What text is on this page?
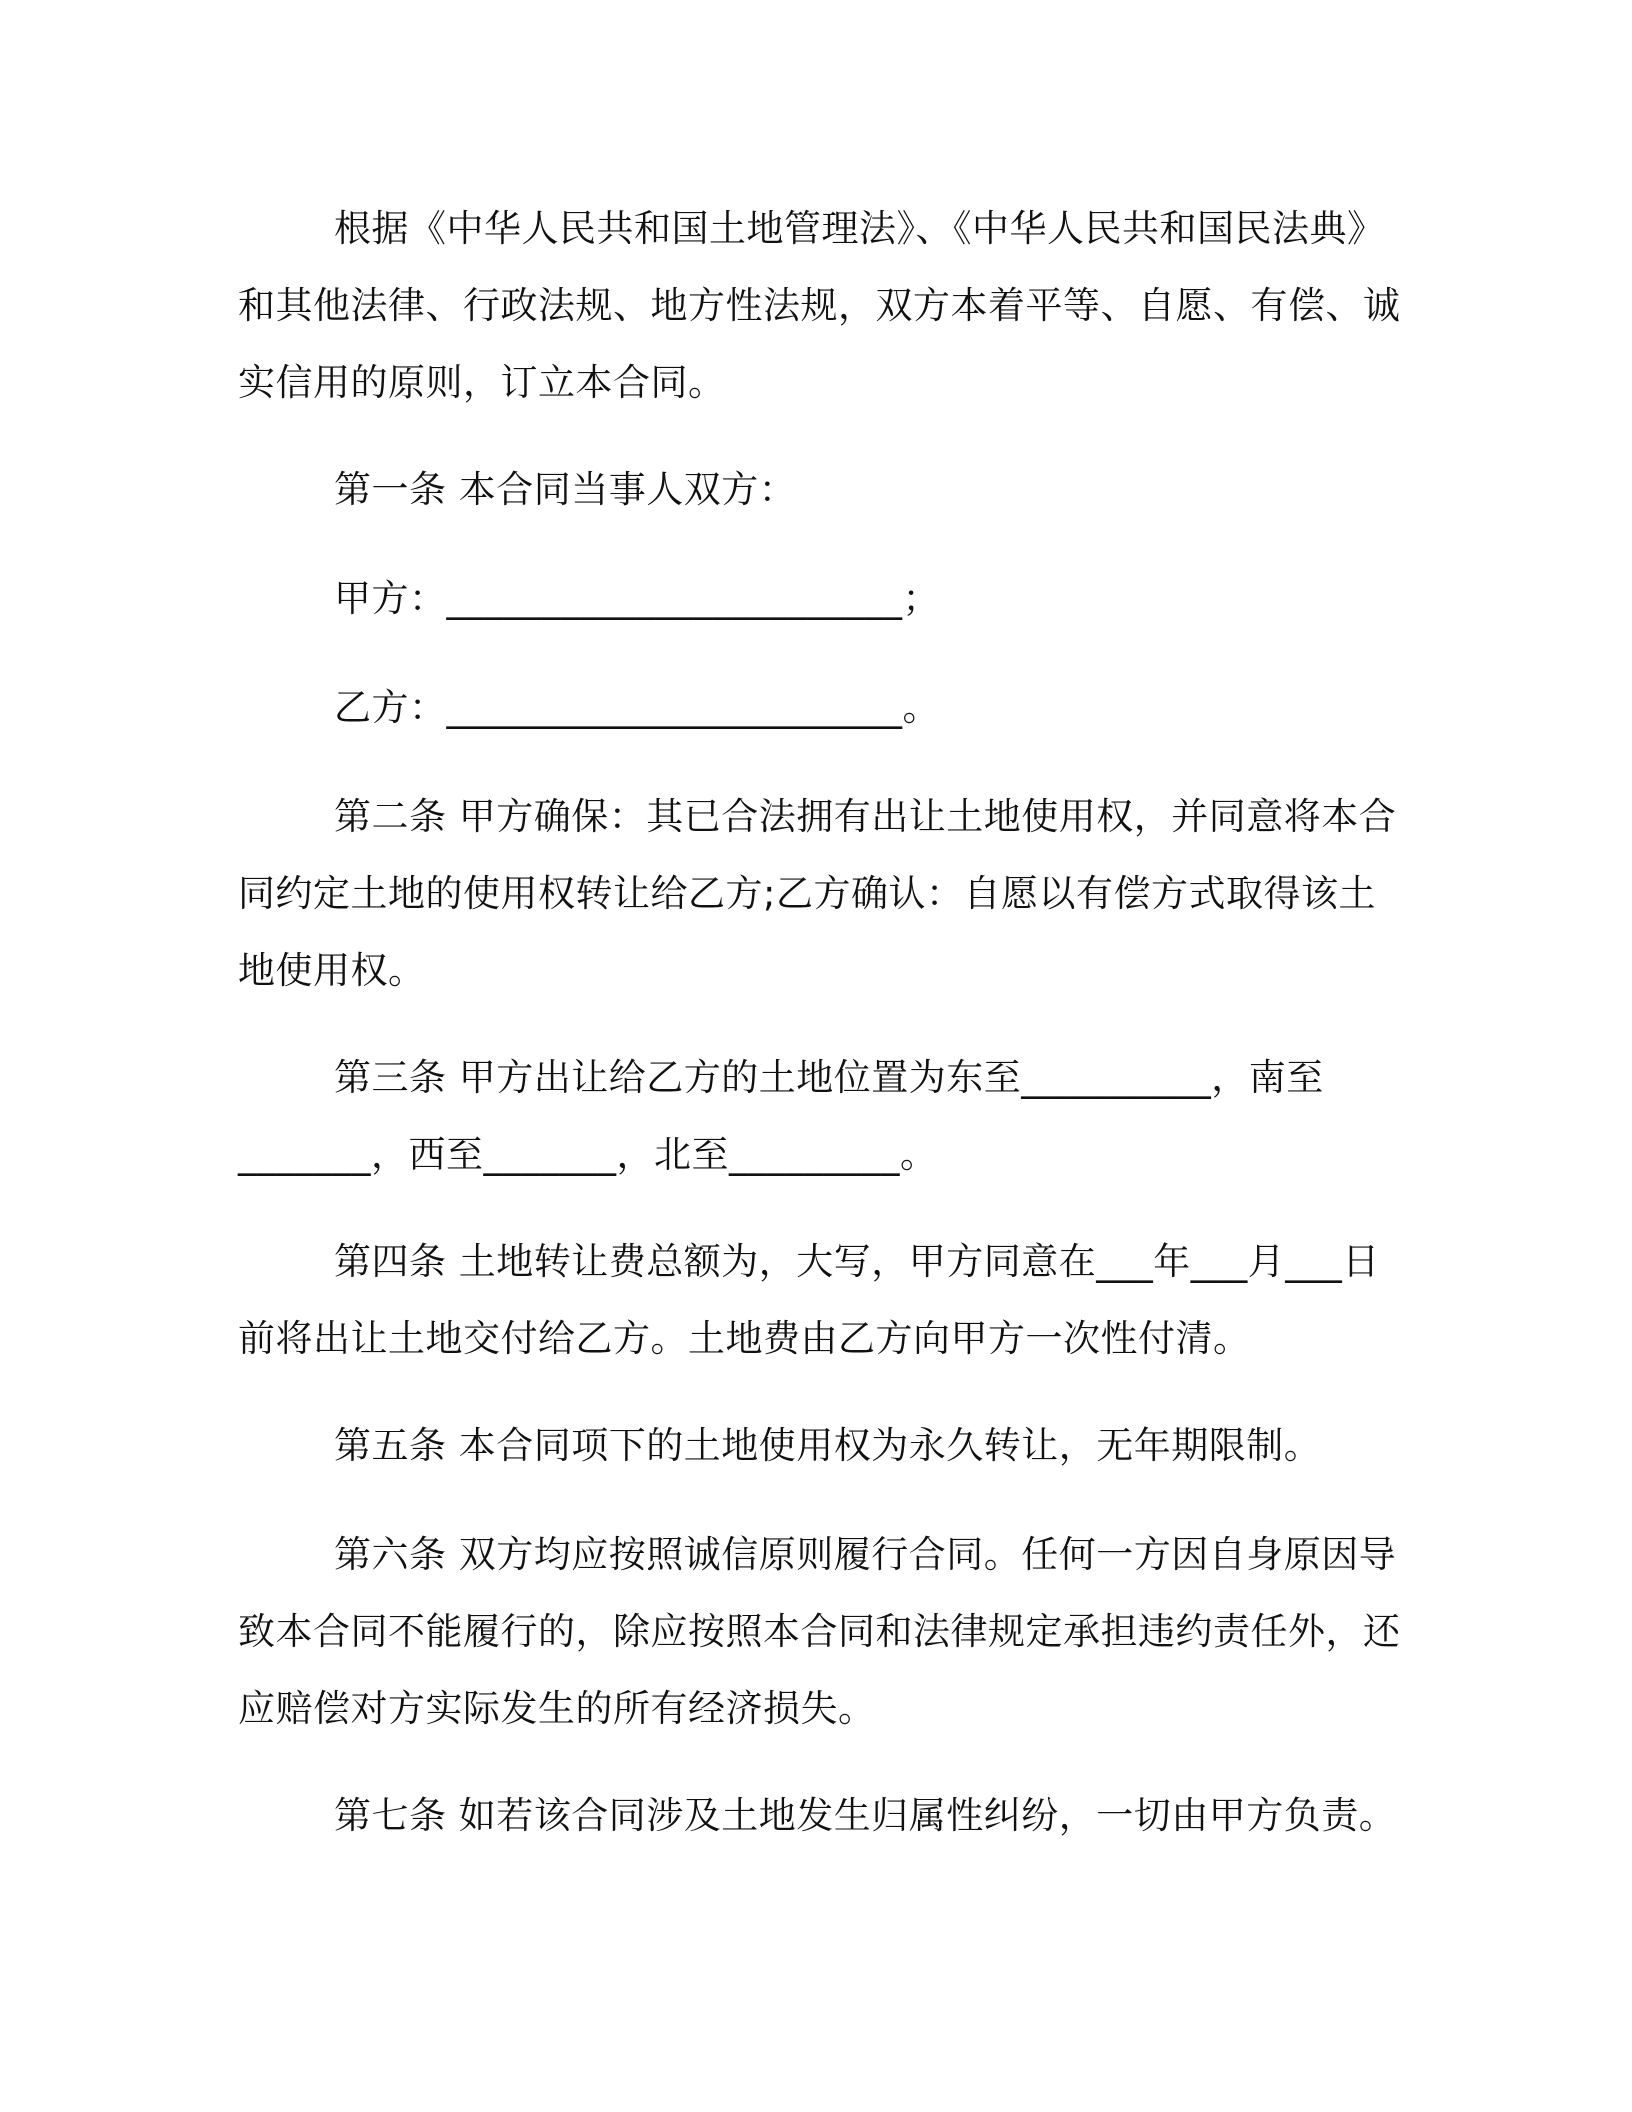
根据《中华人民共和国土地管理法》、《中华人民共和国民法典》和其他法律、行政法规、地方性法规，双方本着平等、自愿、有偿、诚实信用的原则，订立本合同。

第一条 本合同当事人双方：

甲方：________________________；

乙方：________________________。

第二条 甲方确保：其已合法拥有出让土地使用权，并同意将本合同约定土地的使用权转让给乙方;乙方确认：自愿以有偿方式取得该土地使用权。

第三条 甲方出让给乙方的土地位置为东至__________，南至_______，西至_______，北至_________。

第四条 土地转让费总额为，大写，甲方同意在___年___月___日前将出让土地交付给乙方。土地费由乙方向甲方一次性付清。

第五条 本合同项下的土地使用权为永久转让，无年期限制。

第六条 双方均应按照诚信原则履行合同。任何一方因自身原因导致本合同不能履行的，除应按照本合同和法律规定承担违约责任外，还应赔偿对方实际发生的所有经济损失。

第七条 如若该合同涉及土地发生归属性纠纷，一切由甲方负责。
